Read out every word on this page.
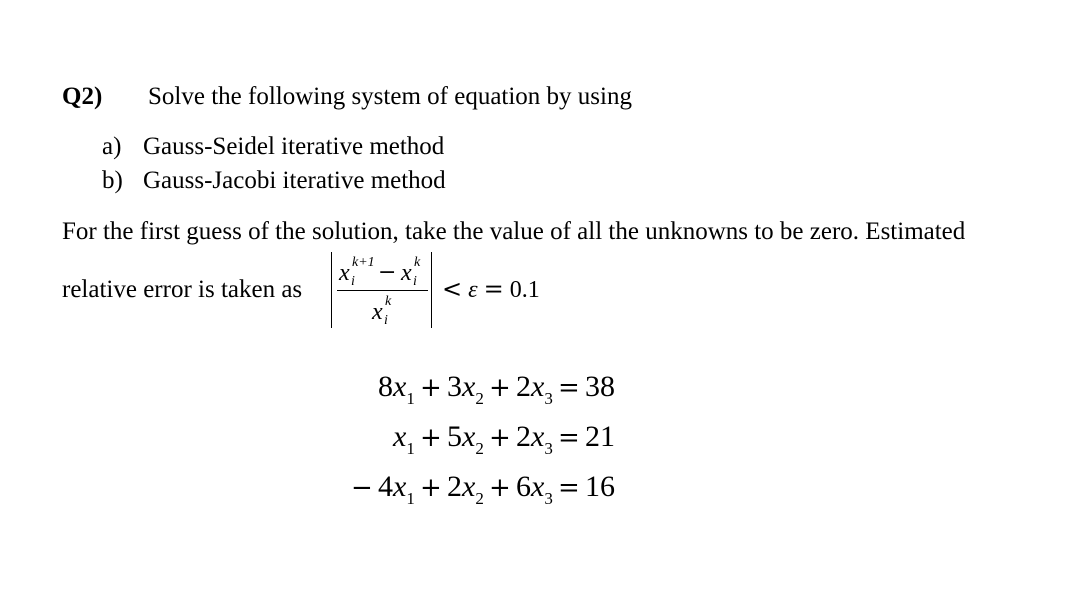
Q2) Solve the following system of equation by using
a) Gauss-Seidel iterative method
b) Gauss-Jacobi iterative method
For the first guess of the solution, take the value of all the unknowns to be zero. Estimated
relative error is taken as
x k+1
i − x k
i
x k
i
< ε = 0.1
$8x_1 + 3x_2 + 2x_3 = 38$
$x_1 + 5x_2 + 2x_3 = 21$
− $4x_1 + 2x_2 + 6x_3 = 16$
